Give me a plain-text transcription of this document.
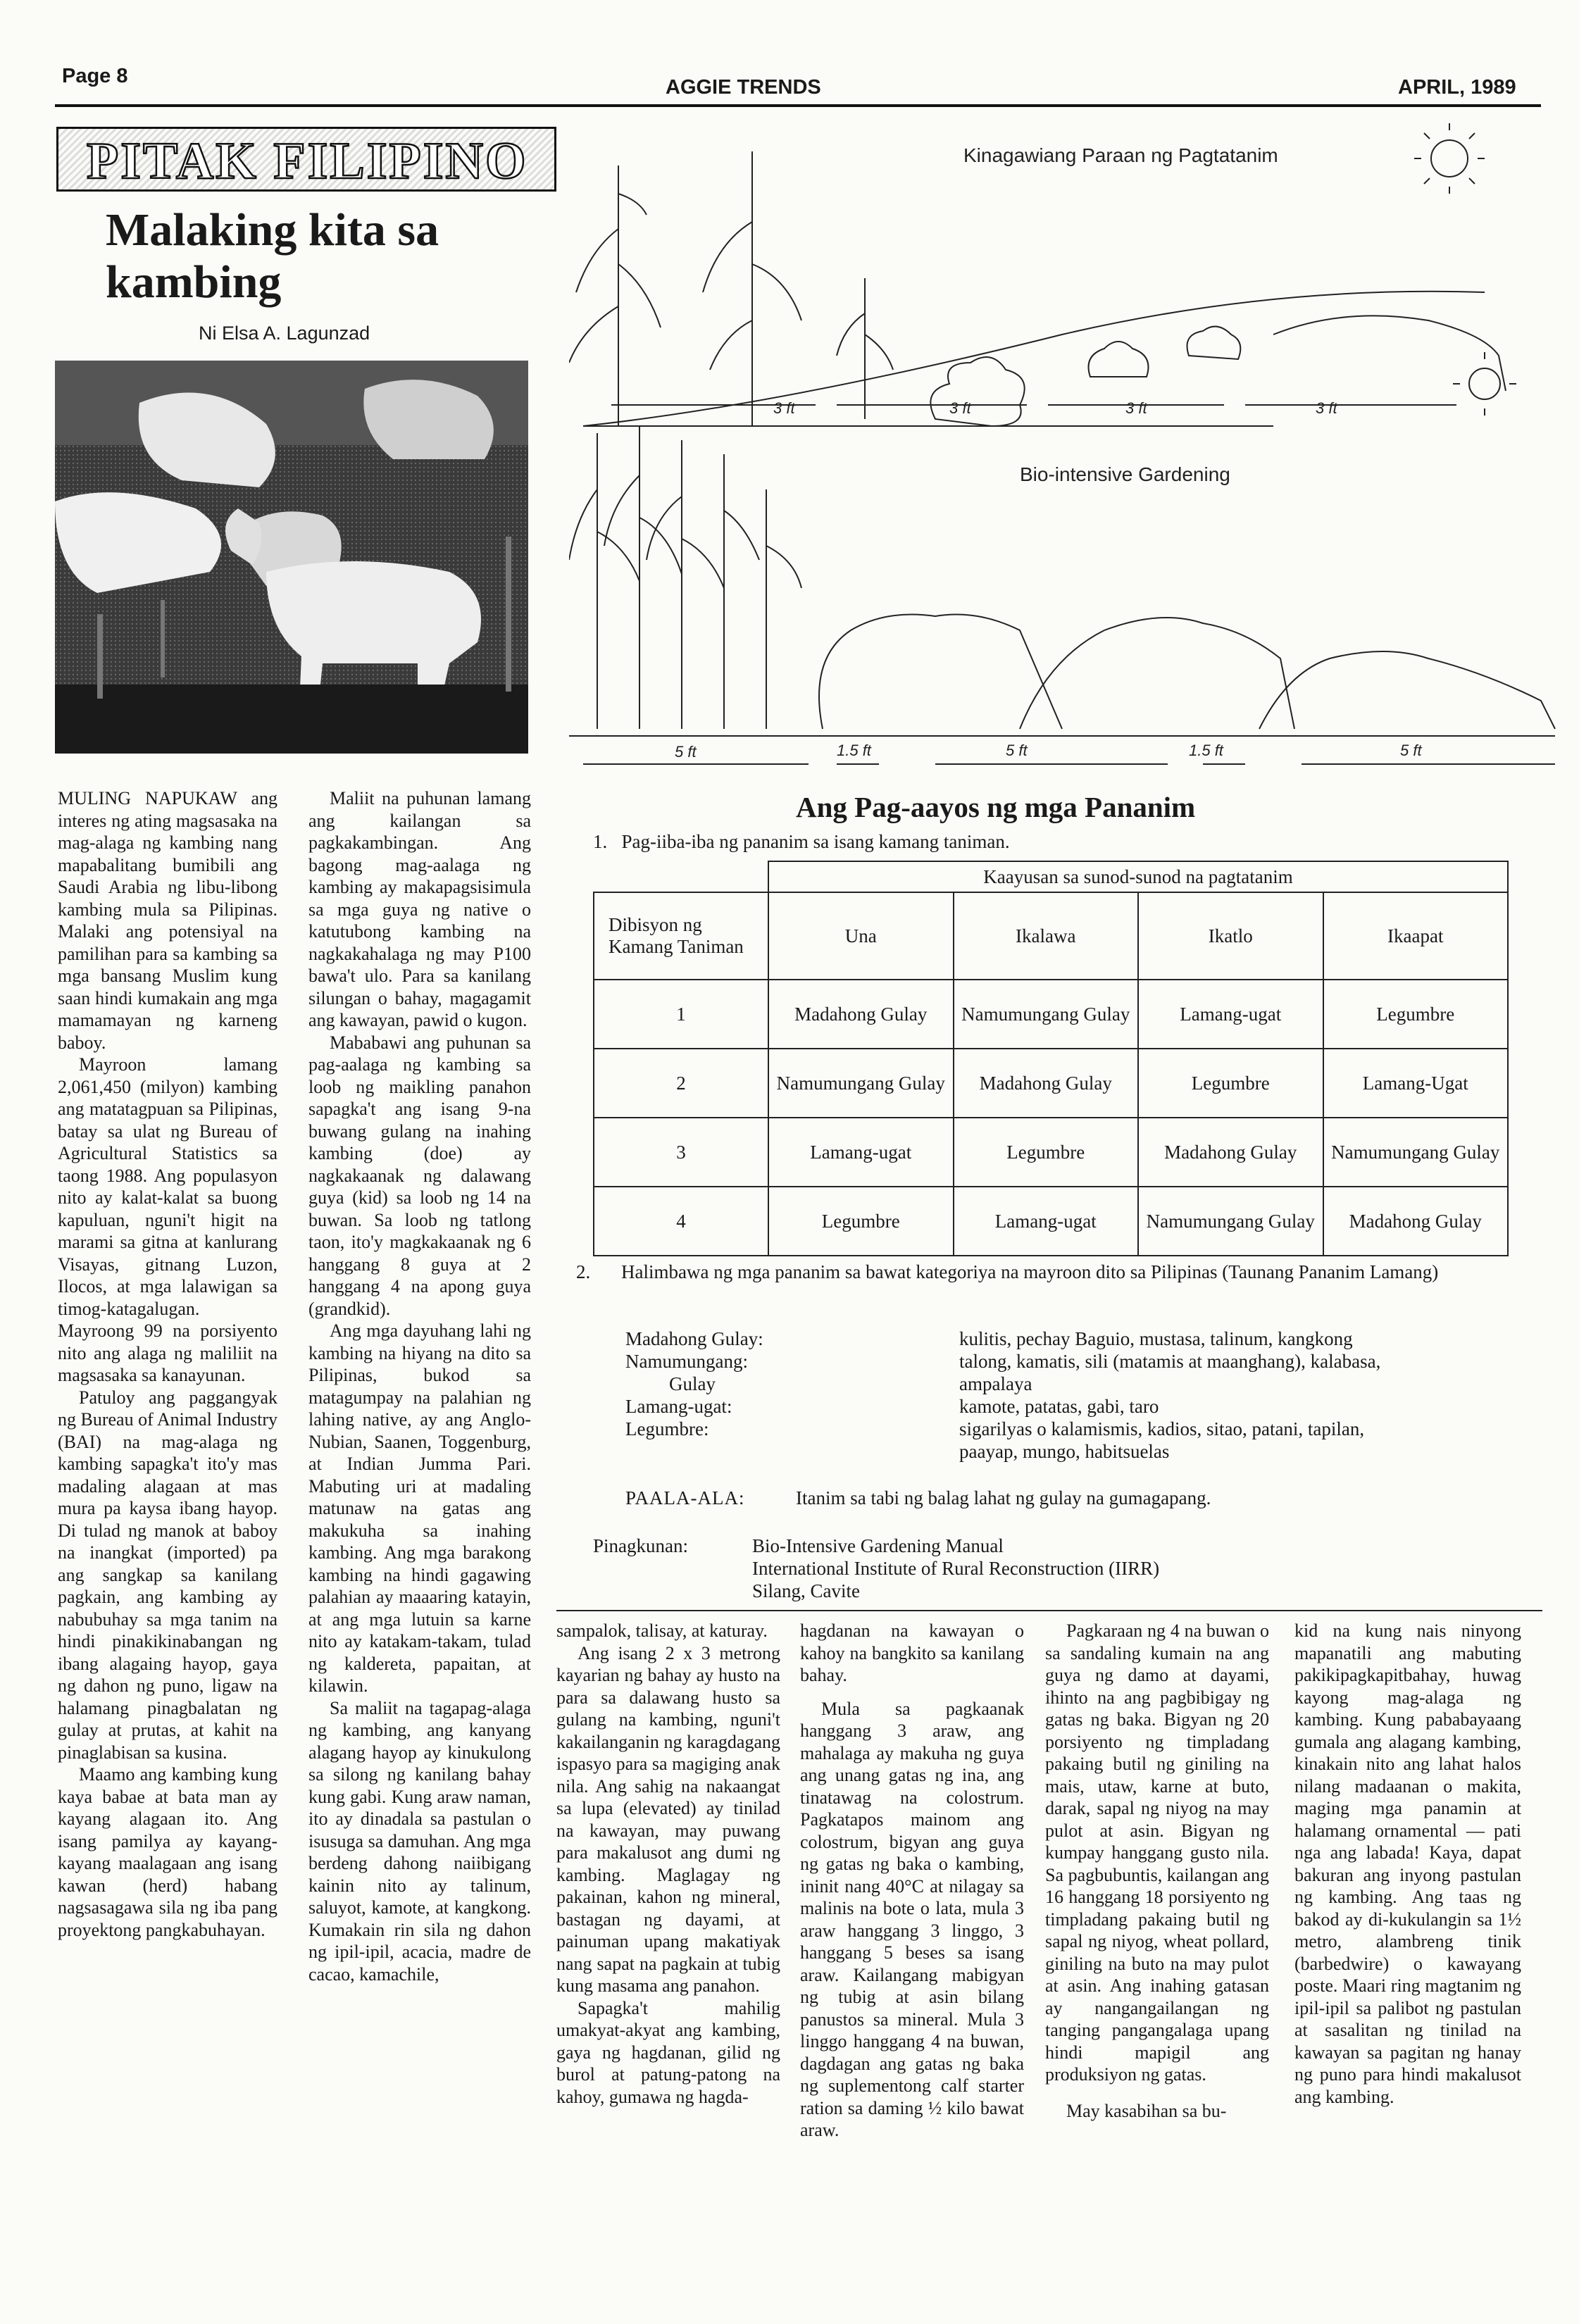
Page 8	AGGIE TRENDS	APRIL, 1989
PITAK FILIPINO
Malaking kita sa kambing
Ni Elsa A. Lagunzad
Kinagawiang Paraan ng Pagtatanim
Bio-intensive Gardening
3 ft	3 ft	3 ft	3 ft
5 ft	1.5 ft	5 ft	1.5 ft	5 ft

MULING NAPUKAW ang interes ng ating magsasaka na mag-alaga ng kambing nang mapabalitang bumibili ang Saudi Arabia ng libu-libong kambing mula sa Pilipinas. Malaki ang potensiyal na pamilihan para sa kambing sa mga bansang Muslim kung saan hindi kumakain ang mga mamamayan ng karneng baboy.

Mayroon lamang 2,061,450 (milyon) kambing ang matatagpuan sa Pilipinas, batay sa ulat ng Bureau of Agricultural Statistics sa taong 1988. Ang populasyon nito ay kalat-kalat sa buong kapuluan, nguni't higit na marami sa gitna at kanlurang Visayas, gitnang Luzon, Ilocos, at mga lalawigan sa timog-katagalugan. Mayroong 99 na porsiyento nito ang alaga ng maliliit na magsasaka sa kanayunan.

Patuloy ang paggangyak ng Bureau of Animal Industry (BAI) na mag-alaga ng kambing sapagka't ito'y mas madaling alagaan at mas mura pa kaysa ibang hayop. Di tulad ng manok at baboy na inangkat (imported) pa ang sangkap sa kanilang pagkain, ang kambing ay nabubuhay sa mga tanim na hindi pinakikinabangan ng ibang alagaing hayop, gaya ng dahon ng puno, ligaw na halamang pinagbalatan ng gulay at prutas, at kahit na pinaglabisan sa kusina.

Maamo ang kambing kung kaya babae at bata man ay kayang alagaan ito. Ang isang pamilya ay kayang-kayang maalagaan ang isang kawan (herd) habang nagsasagawa sila ng iba pang proyektong pangkabuhayan.

Maliit na puhunan lamang ang kailangan sa pagkakambingan. Ang bagong mag-aalaga ng kambing ay makapagsisimula sa mga guya ng native o katutubong kambing na nagkakahalaga ng may P100 bawa't ulo. Para sa kanilang silungan o bahay, magagamit ang kawayan, pawid o kugon.

Mababawi ang puhunan sa pag-aalaga ng kambing sa loob ng maikling panahon sapagka't ang isang 9-na buwang gulang na inahing kambing (doe) ay nagkakaanak ng dalawang guya (kid) sa loob ng 14 na buwan. Sa loob ng tatlong taon, ito'y magkakaanak ng 6 hanggang 8 guya at 2 hanggang 4 na apong guya (grandkid).

Ang mga dayuhang lahi ng kambing na hiyang na dito sa Pilipinas, bukod sa matagumpay na palahian ng lahing native, ay ang Anglo-Nubian, Saanen, Toggenburg, at Indian Jumma Pari. Mabuting uri at madaling matunaw na gatas ang makukuha sa inahing kambing. Ang mga barakong kambing na hindi gagawing palahian ay maaaring katayin, at ang mga lutuin sa karne nito ay katakam-takam, tulad ng kaldereta, papaitan, at kilawin.

Sa maliit na tagapag-alaga ng kambing, ang kanyang alagang hayop ay kinukulong sa silong ng kanilang bahay kung gabi. Kung araw naman, ito ay dinadala sa pastulan o isusuga sa damuhan. Ang mga berdeng dahong naiibigang kainin nito ay talinum, saluyot, kamote, at kangkong. Kumakain rin sila ng dahon ng ipil-ipil, acacia, madre de cacao, kamachile,

Ang Pag-aayos ng mga Pananim
1.   Pag-iiba-iba ng pananim sa isang kamang taniman.
	Kaayusan sa sunod-sunod na pagtatanim			
Dibisyon ng Kamang Taniman	Una	Ikalawa	Ikatlo	Ikaapat
1	Madahong Gulay	Namumungang Gulay	Lamang-ugat	Legumbre
2	Namumungang Gulay	Madahong Gulay	Legumbre	Lamang-Ugat
3	Lamang-ugat	Legumbre	Madahong Gulay	Namumungang Gulay
4	Legumbre	Lamang-ugat	Namumungang Gulay	Madahong Gulay
2. Halimbawa ng mga pananim sa bawat kategoriya na mayroon dito sa Pilipinas (Taunang Pananim Lamang)
Madahong Gulay:	kulitis, pechay Baguio, mustasa, talinum, kangkong
Namumungang:	talong, kamatis, sili (matamis at maanghang), kalabasa,
Gulay	ampalaya
Lamang-ugat:	kamote, patatas, gabi, taro
Legumbre:	sigarilyas o kalamismis, kadios, sitao, patani, tapilan,
paayap, mungo, habitsuelas
PAALA-ALA:	Itanim sa tabi ng balag lahat ng gulay na gumagapang.
Pinagkunan:	Bio-Intensive Gardening Manual
International Institute of Rural Reconstruction (IIRR)
Silang, Cavite

sampalok, talisay, at katuray.

Ang isang 2 x 3 metrong kayarian ng bahay ay husto na para sa dalawang husto sa gulang na kambing, nguni't kakailanganin ng karagdagang ispasyo para sa magiging anak nila. Ang sahig na nakaangat sa lupa (elevated) ay tinilad na kawayan, may puwang para makalusot ang dumi ng kambing. Maglagay ng pakainan, kahon ng mineral, bastagan ng dayami, at painuman upang makatiyak nang sapat na pagkain at tubig kung masama ang panahon.

Sapagka't mahilig umakyat-akyat ang kambing, gaya ng hagdanan, gilid ng burol at patung-patong na kahoy, gumawa ng hagda-

hagdanan na kawayan o kahoy na bangkito sa kanilang bahay.

Mula sa pagkaanak hanggang 3 araw, ang mahalaga ay makuha ng guya ang unang gatas ng ina, ang tinatawag na colostrum. Pagkatapos mainom ang colostrum, bigyan ang guya ng gatas ng baka o kambing, ininit nang 40°C at nilagay sa malinis na bote o lata, mula 3 araw hanggang 3 linggo, 3 hanggang 5 beses sa isang araw. Kailangang mabigyan ng tubig at asin bilang panustos sa mineral. Mula 3 linggo hanggang 4 na buwan, dagdagan ang gatas ng baka ng suplementong calf starter ration sa daming ½ kilo bawat araw.

Pagkaraan ng 4 na buwan o sa sandaling kumain na ang guya ng damo at dayami, ihinto na ang pagbibigay ng gatas ng baka. Bigyan ng 20 porsiyento ng timpladang pakaing butil ng giniling na mais, utaw, karne at buto, darak, sapal ng niyog na may pulot at asin. Bigyan ng kumpay hanggang gusto nila. Sa pagbubuntis, kailangan ang 16 hanggang 18 porsiyento ng timpladang pakaing butil ng sapal ng niyog, wheat pollard, giniling na buto na may pulot at asin. Ang inahing gatasan ay nangangailangan ng tanging pangangalaga upang hindi mapigil ang produksiyon ng gatas.

May kasabihan sa bu-

kid na kung nais ninyong mapanatili ang mabuting pakikipagkapitbahay, huwag kayong mag-alaga ng kambing. Kung pababayaang gumala ang alagang kambing, kinakain nito ang lahat halos nilang madaanan o makita, maging mga panamin at halamang ornamental — pati nga ang labada! Kaya, dapat bakuran ang inyong pastulan ng kambing. Ang taas ng bakod ay di-kukulangin sa 1½ metro, alambreng tinik (barbedwire) o kawayang poste. Maari ring magtanim ng ipil-ipil sa palibot ng pastulan at sasalitan ng tinilad na kawayan sa pagitan ng hanay ng puno para hindi makalusot ang kambing.
